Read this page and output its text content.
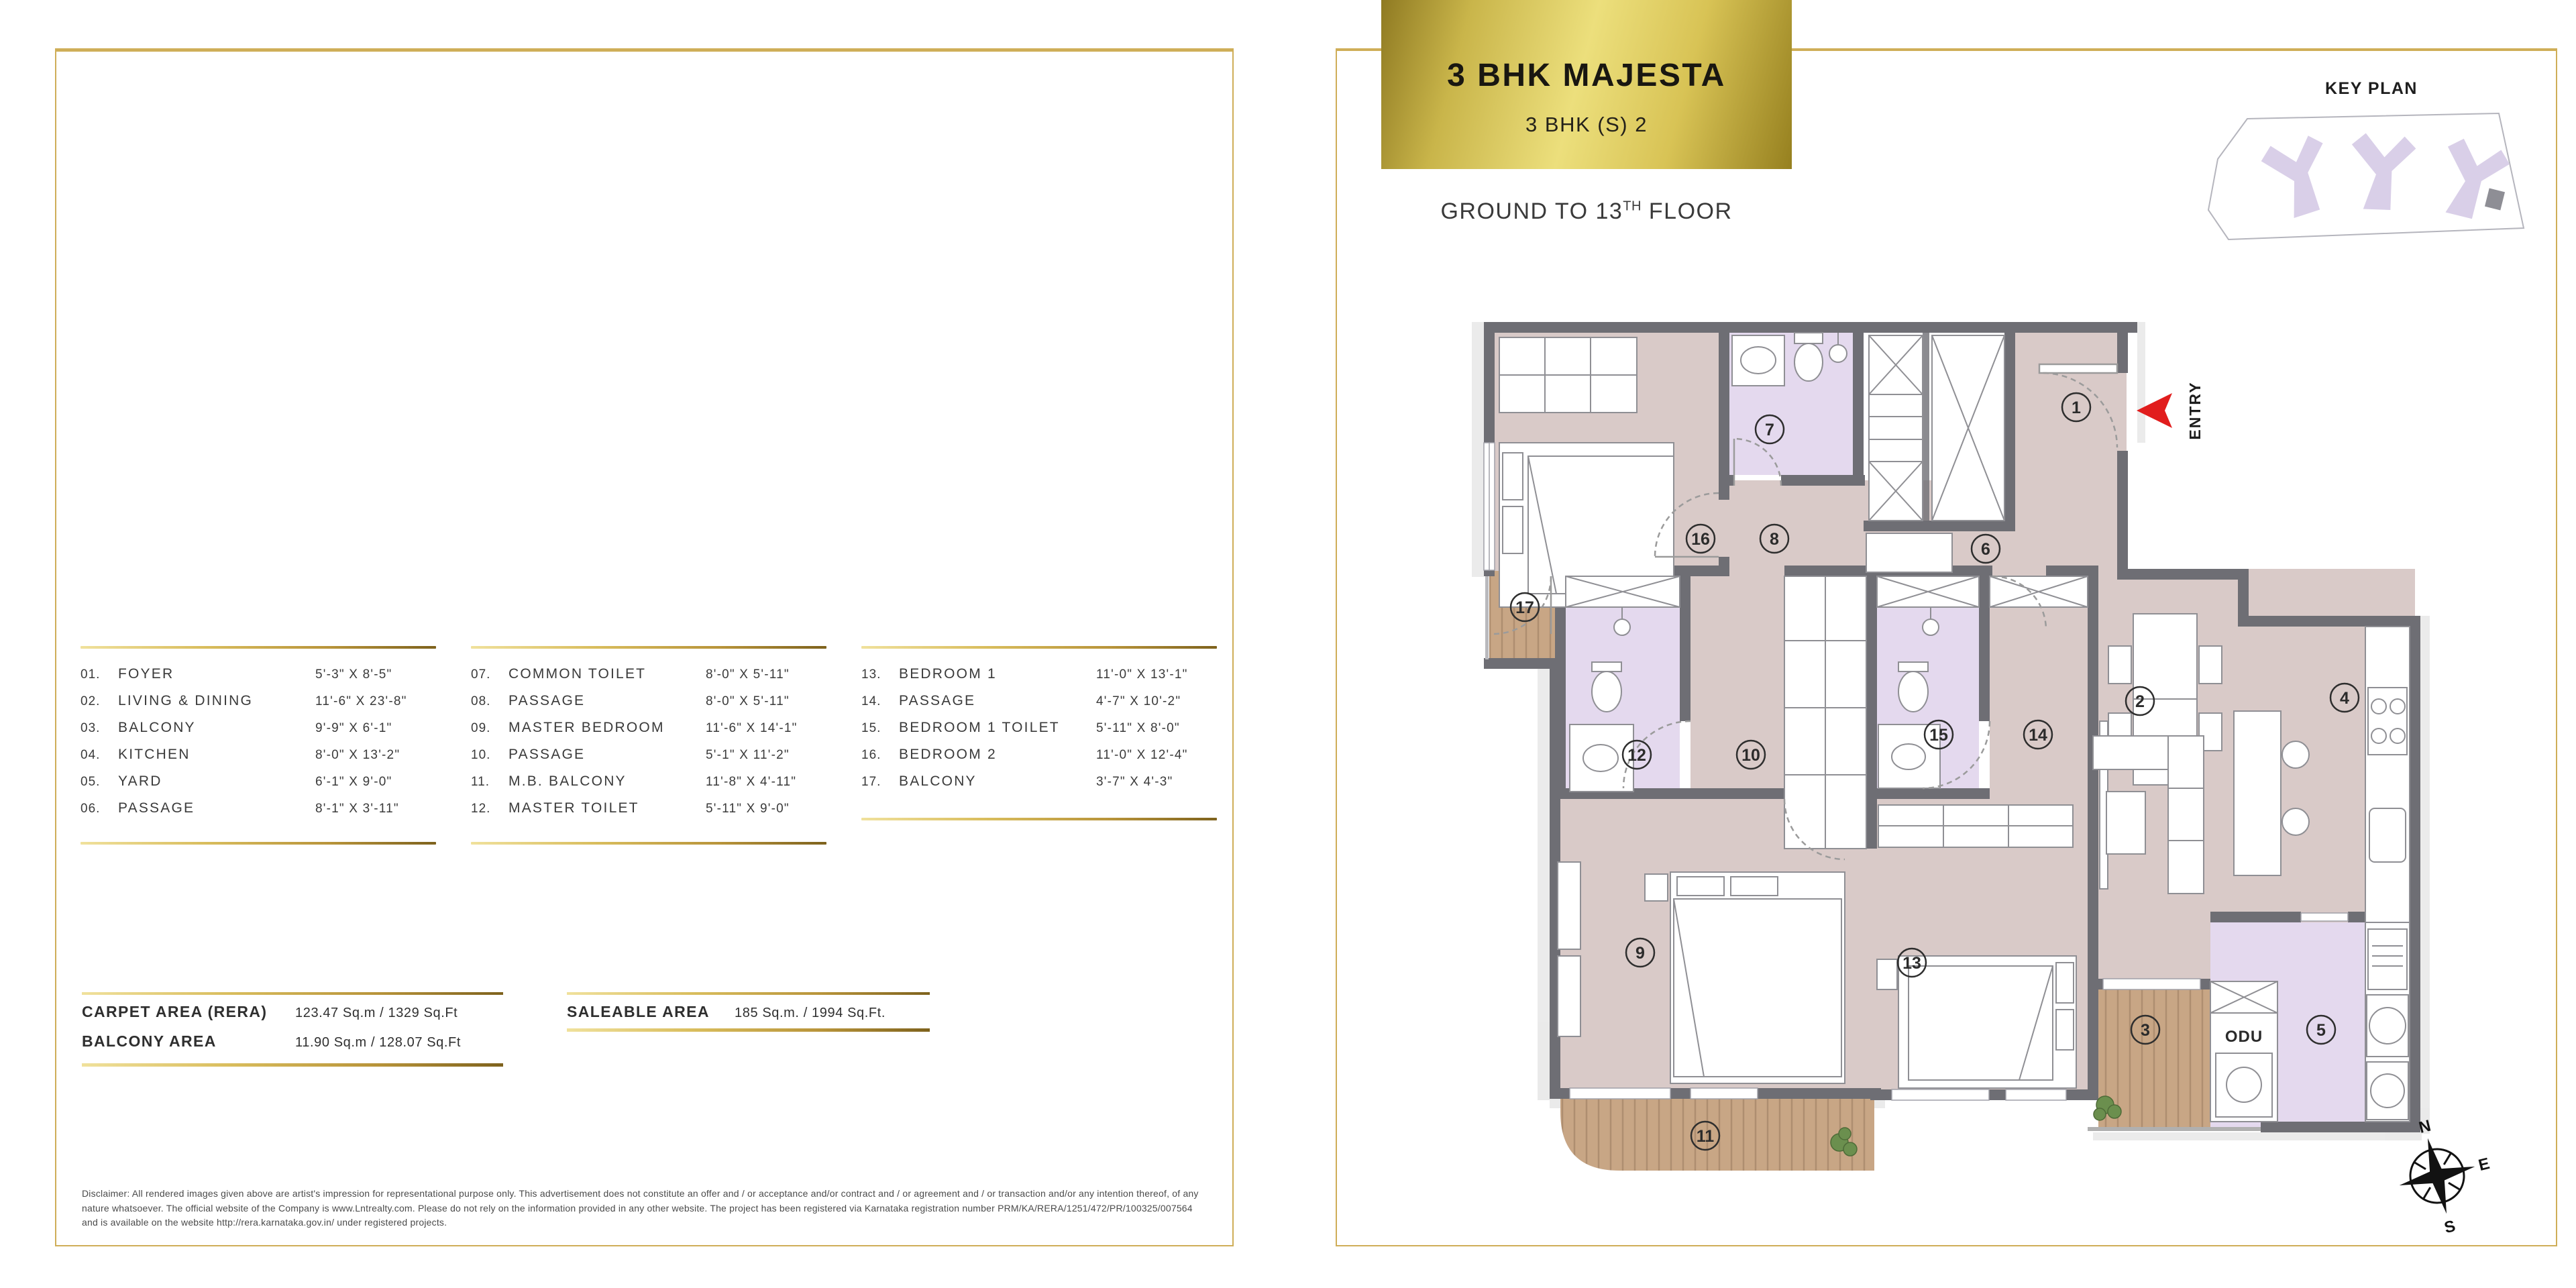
01.	FOYER	5'-3" X 8'-5"
02.	LIVING & DINING	11'-6" X 23'-8"
03.	BALCONY	9'-9" X 6'-1"
04.	KITCHEN	8'-0" X 13'-2"
05.	YARD	6'-1" X 9'-0"
06.	PASSAGE	8'-1" X 3'-11"
07.	COMMON TOILET	8'-0" X 5'-11"
08.	PASSAGE	8'-0" X 5'-11"
09.	MASTER BEDROOM	11'-6" X 14'-1"
10.	PASSAGE	5'-1" X 11'-2"
11.	M.B. BALCONY	11'-8" X 4'-11"
12.	MASTER TOILET	5'-11" X 9'-0"
13.	BEDROOM 1	11'-0" X 13'-1"
14.	PASSAGE	4'-7" X 10'-2"
15.	BEDROOM 1 TOILET	5'-11" X 8'-0"
16.	BEDROOM 2	11'-0" X 12'-4"
17.	BALCONY	3'-7" X 4'-3"
CARPET AREA (RERA)	123.47 Sq.m / 1329 Sq.Ft
BALCONY AREA	11.90 Sq.m / 128.07 Sq.Ft
SALEABLE AREA	185 Sq.m. / 1994 Sq.Ft.
Disclaimer: All rendered images given above are artist's impression for representational purpose only. This advertisement does not constitute an offer and / or acceptance and/or contract and / or agreement and / or transaction and/or any intention thereof, of any nature whatsoever. The official website of the Company is www.Lntrealty.com. Please do not rely on the information provided in any other website. The project has been registered via Karnataka registration number PRM/KA/RERA/1251/472/PR/100325/007564 and is available on the website http://rera.karnataka.gov.in/ under registered projects.
3 BHK MAJESTA
3 BHK (S) 2
GROUND TO 13TH FLOOR
KEY PLAN
ENTRY
ODU
1
2
3
4
5
6
7
8
9
10
11
12
13
14
15
16
17
N
E
S
